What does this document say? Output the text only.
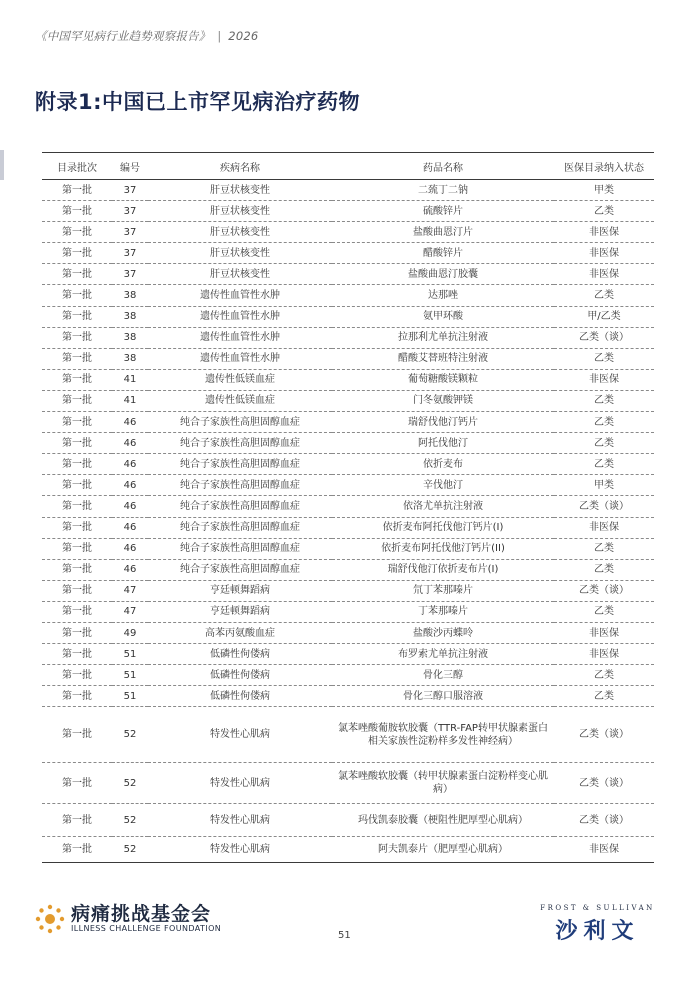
《中国罕见病行业趋势观察报告》 | 2026
附录1:中国已上市罕见病治疗药物
目录批次	编号	疾病名称	药品名称	医保目录纳入状态
第一批	37	肝豆状核变性	二巯丁二钠	甲类
第一批	37	肝豆状核变性	硫酸锌片	乙类
第一批	37	肝豆状核变性	盐酸曲恩汀片	非医保
第一批	37	肝豆状核变性	醋酸锌片	非医保
第一批	37	肝豆状核变性	盐酸曲恩汀胶囊	非医保
第一批	38	遗传性血管性水肿	达那唑	乙类
第一批	38	遗传性血管性水肿	氨甲环酸	甲/乙类
第一批	38	遗传性血管性水肿	拉那利尤单抗注射液	乙类（谈）
第一批	38	遗传性血管性水肿	醋酸艾替班特注射液	乙类
第一批	41	遗传性低镁血症	葡萄糖酸镁颗粒	非医保
第一批	41	遗传性低镁血症	门冬氨酸钾镁	乙类
第一批	46	纯合子家族性高胆固醇血症	瑞舒伐他汀钙片	乙类
第一批	46	纯合子家族性高胆固醇血症	阿托伐他汀	乙类
第一批	46	纯合子家族性高胆固醇血症	依折麦布	乙类
第一批	46	纯合子家族性高胆固醇血症	辛伐他汀	甲类
第一批	46	纯合子家族性高胆固醇血症	依洛尤单抗注射液	乙类（谈）
第一批	46	纯合子家族性高胆固醇血症	依折麦布阿托伐他汀钙片(I)	非医保
第一批	46	纯合子家族性高胆固醇血症	依折麦布阿托伐他汀钙片(II)	乙类
第一批	46	纯合子家族性高胆固醇血症	瑞舒伐他汀依折麦布片(I)	乙类
第一批	47	亨廷顿舞蹈病	氘丁苯那嗪片	乙类（谈）
第一批	47	亨廷顿舞蹈病	丁苯那嗪片	乙类
第一批	49	高苯丙氨酸血症	盐酸沙丙蝶呤	非医保
第一批	51	低磷性佝偻病	布罗索尤单抗注射液	非医保
第一批	51	低磷性佝偻病	骨化三醇	乙类
第一批	51	低磷性佝偻病	骨化三醇口服溶液	乙类
第一批	52	特发性心肌病	氯苯唑酸葡胺软胶囊（TTR-FAP转甲状腺素蛋白相关家族性淀粉样多发性神经病）	乙类（谈）
第一批	52	特发性心肌病	氯苯唑酸软胶囊（转甲状腺素蛋白淀粉样变心肌病）	乙类（谈）
第一批	52	特发性心肌病	玛伐凯泰胶囊（梗阻性肥厚型心肌病）	乙类（谈）
第一批	52	特发性心肌病	阿夫凯泰片（肥厚型心肌病）	非医保
病痛挑战基金会
ILLNESS CHALLENGE FOUNDATION
51
FROST & SULLIVAN
沙利文
